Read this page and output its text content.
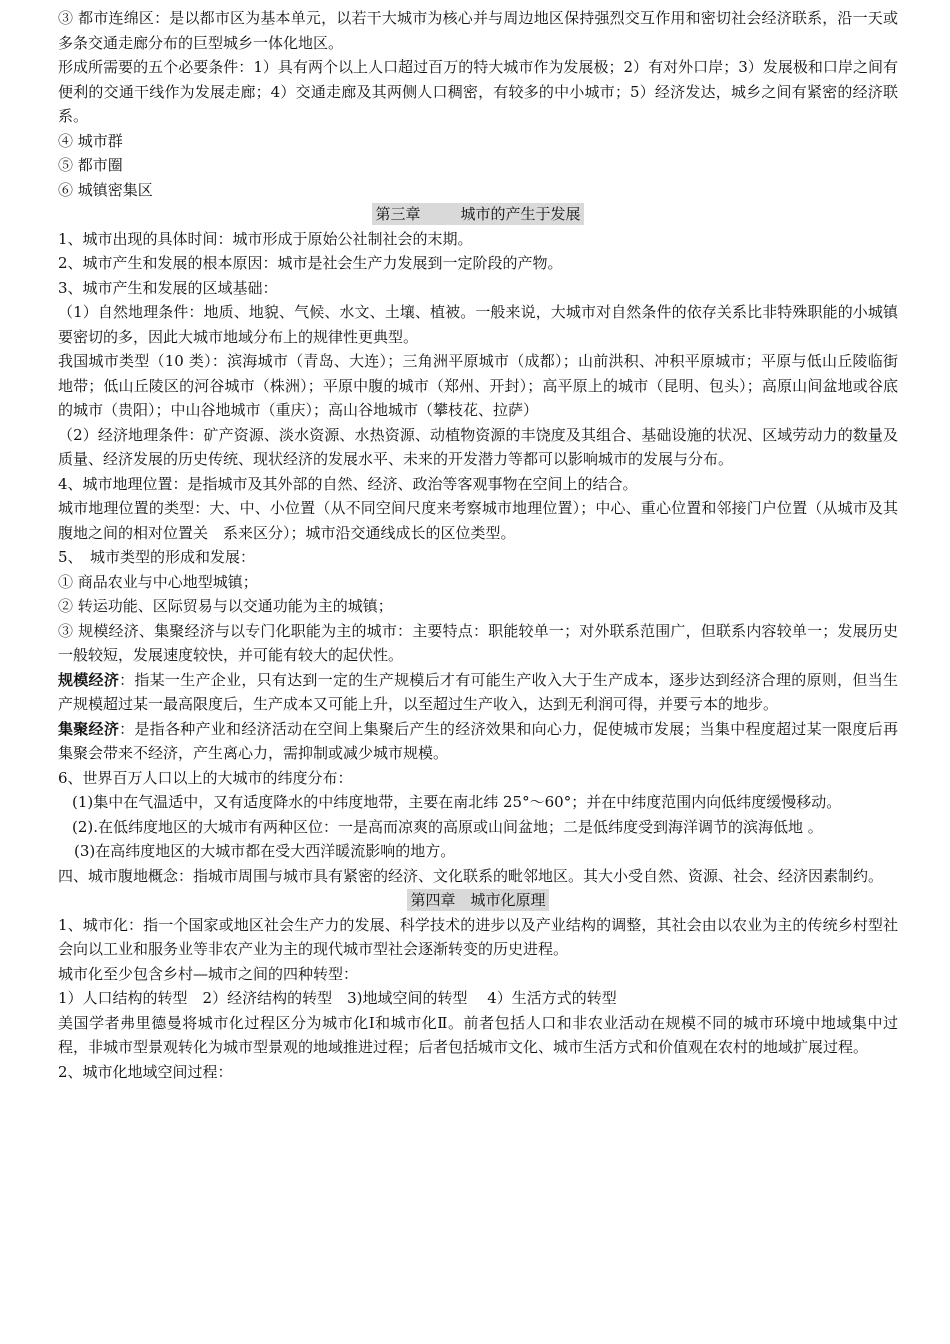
③ 都市连绵区：是以都市区为基本单元，以若干大城市为核心并与周边地区保持强烈交互作用和密切社会经济联系，沿一天或多条交通走廊分布的巨型城乡一体化地区。

形成所需要的五个必要条件：1）具有两个以上人口超过百万的特大城市作为发展极；2）有对外口岸；3）发展极和口岸之间有便利的交通干线作为发展走廊；4）交通走廊及其两侧人口稠密，有较多的中小城市；5）经济发达，城乡之间有紧密的经济联系。

④ 城市群

⑤ 都市圈

⑥ 城镇密集区

第三章	城市的产生于发展

1、城市出现的具体时间：城市形成于原始公社制社会的末期。

2、城市产生和发展的根本原因：城市是社会生产力发展到一定阶段的产物。

3、城市产生和发展的区域基础：

（1）自然地理条件：地质、地貌、气候、水文、土壤、植被。一般来说，大城市对自然条件的依存关系比非特殊职能的小城镇要密切的多，因此大城市地域分布上的规律性更典型。

我国城市类型（10 类）：滨海城市（青岛、大连）；三角洲平原城市（成都）；山前洪积、冲积平原城市；平原与低山丘陵临街地带；低山丘陵区的河谷城市（株洲）；平原中腹的城市（郑州、开封）；高平原上的城市（昆明、包头）；高原山间盆地或谷底的城市（贵阳）；中山谷地城市（重庆）；高山谷地城市（攀枝花、拉萨）

（2）经济地理条件：矿产资源、淡水资源、水热资源、动植物资源的丰饶度及其组合、基础设施的状况、区域劳动力的数量及质量、经济发展的历史传统、现状经济的发展水平、未来的开发潜力等都可以影响城市的发展与分布。

4、城市地理位置：是指城市及其外部的自然、经济、政治等客观事物在空间上的结合。

城市地理位置的类型：大、中、小位置（从不同空间尺度来考察城市地理位置）；中心、重心位置和邻接门户位置（从城市及其腹地之间的相对位置关　系来区分）；城市沿交通线成长的区位类型。

5、　城市类型的形成和发展：

① 商品农业与中心地型城镇；

② 转运功能、区际贸易与以交通功能为主的城镇；

③ 规模经济、集聚经济与以专门化职能为主的城市：主要特点：职能较单一；对外联系范围广，但联系内容较单一；发展历史一般较短，发展速度较快，并可能有较大的起伏性。

规模经济：指某一生产企业，只有达到一定的生产规模后才有可能生产收入大于生产成本，逐步达到经济合理的原则，但当生产规模超过某一最高限度后，生产成本又可能上升，以至超过生产收入，达到无利润可得，并要亏本的地步。

集聚经济：是指各种产业和经济活动在空间上集聚后产生的经济效果和向心力，促使城市发展；当集中程度超过某一限度后再集聚会带来不经济，产生离心力，需抑制或减少城市规模。

6、世界百万人口以上的大城市的纬度分布：

(1)集中在气温适中，又有适度降水的中纬度地带，主要在南北纬 25°～60°；并在中纬度范围内向低纬度缓慢移动。

(2).在低纬度地区的大城市有两种区位：一是高而凉爽的高原或山间盆地；二是低纬度受到海洋调节的滨海低地 。

(3)在高纬度地区的大城市都在受大西洋暖流影响的地方。

四、城市腹地概念：指城市周围与城市具有紧密的经济、文化联系的毗邻地区。其大小受自然、资源、社会、经济因素制约。

第四章　 城市化原理

1、城市化：指一个国家或地区社会生产力的发展、科学技术的进步以及产业结构的调整，其社会由以农业为主的传统乡村型社会向以工业和服务业等非农产业为主的现代城市型社会逐渐转变的历史进程。

城市化至少包含乡村—城市之间的四种转型：

1）人口结构的转型　2）经济结构的转型　3)地域空间的转型　 4）生活方式的转型

美国学者弗里德曼将城市化过程区分为城市化Ⅰ和城市化Ⅱ。前者包括人口和非农业活动在规模不同的城市环境中地域集中过程，非城市型景观转化为城市型景观的地域推进过程；后者包括城市文化、城市生活方式和价值观在农村的地域扩展过程。

2、城市化地域空间过程：
